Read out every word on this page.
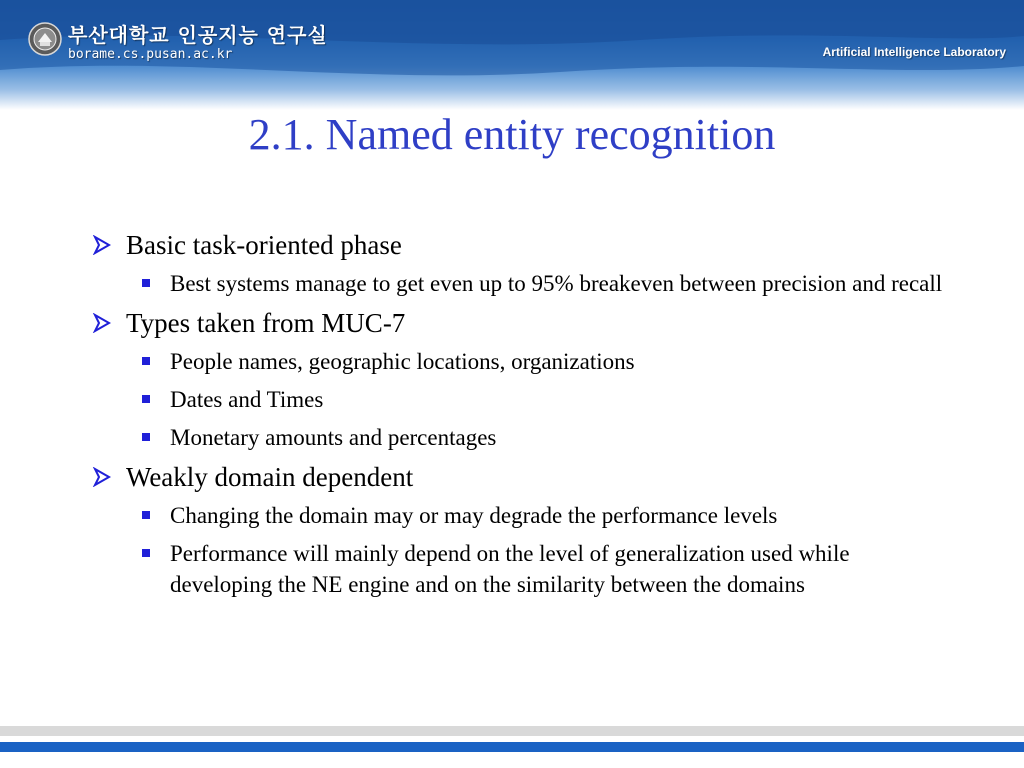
부산대학교 인공지능 연구실
borame.cs.pusan.ac.kr	Artificial Intelligence Laboratory
2.1. Named entity recognition
Basic task-oriented phase
Best systems manage to get even up to 95% breakeven between precision and recall
Types taken from MUC-7
People names, geographic locations, organizations
Dates and Times
Monetary amounts and percentages
Weakly domain dependent
Changing the domain may or may degrade the performance levels
Performance will mainly depend on the level of generalization used while developing the NE engine and on the similarity between the domains
